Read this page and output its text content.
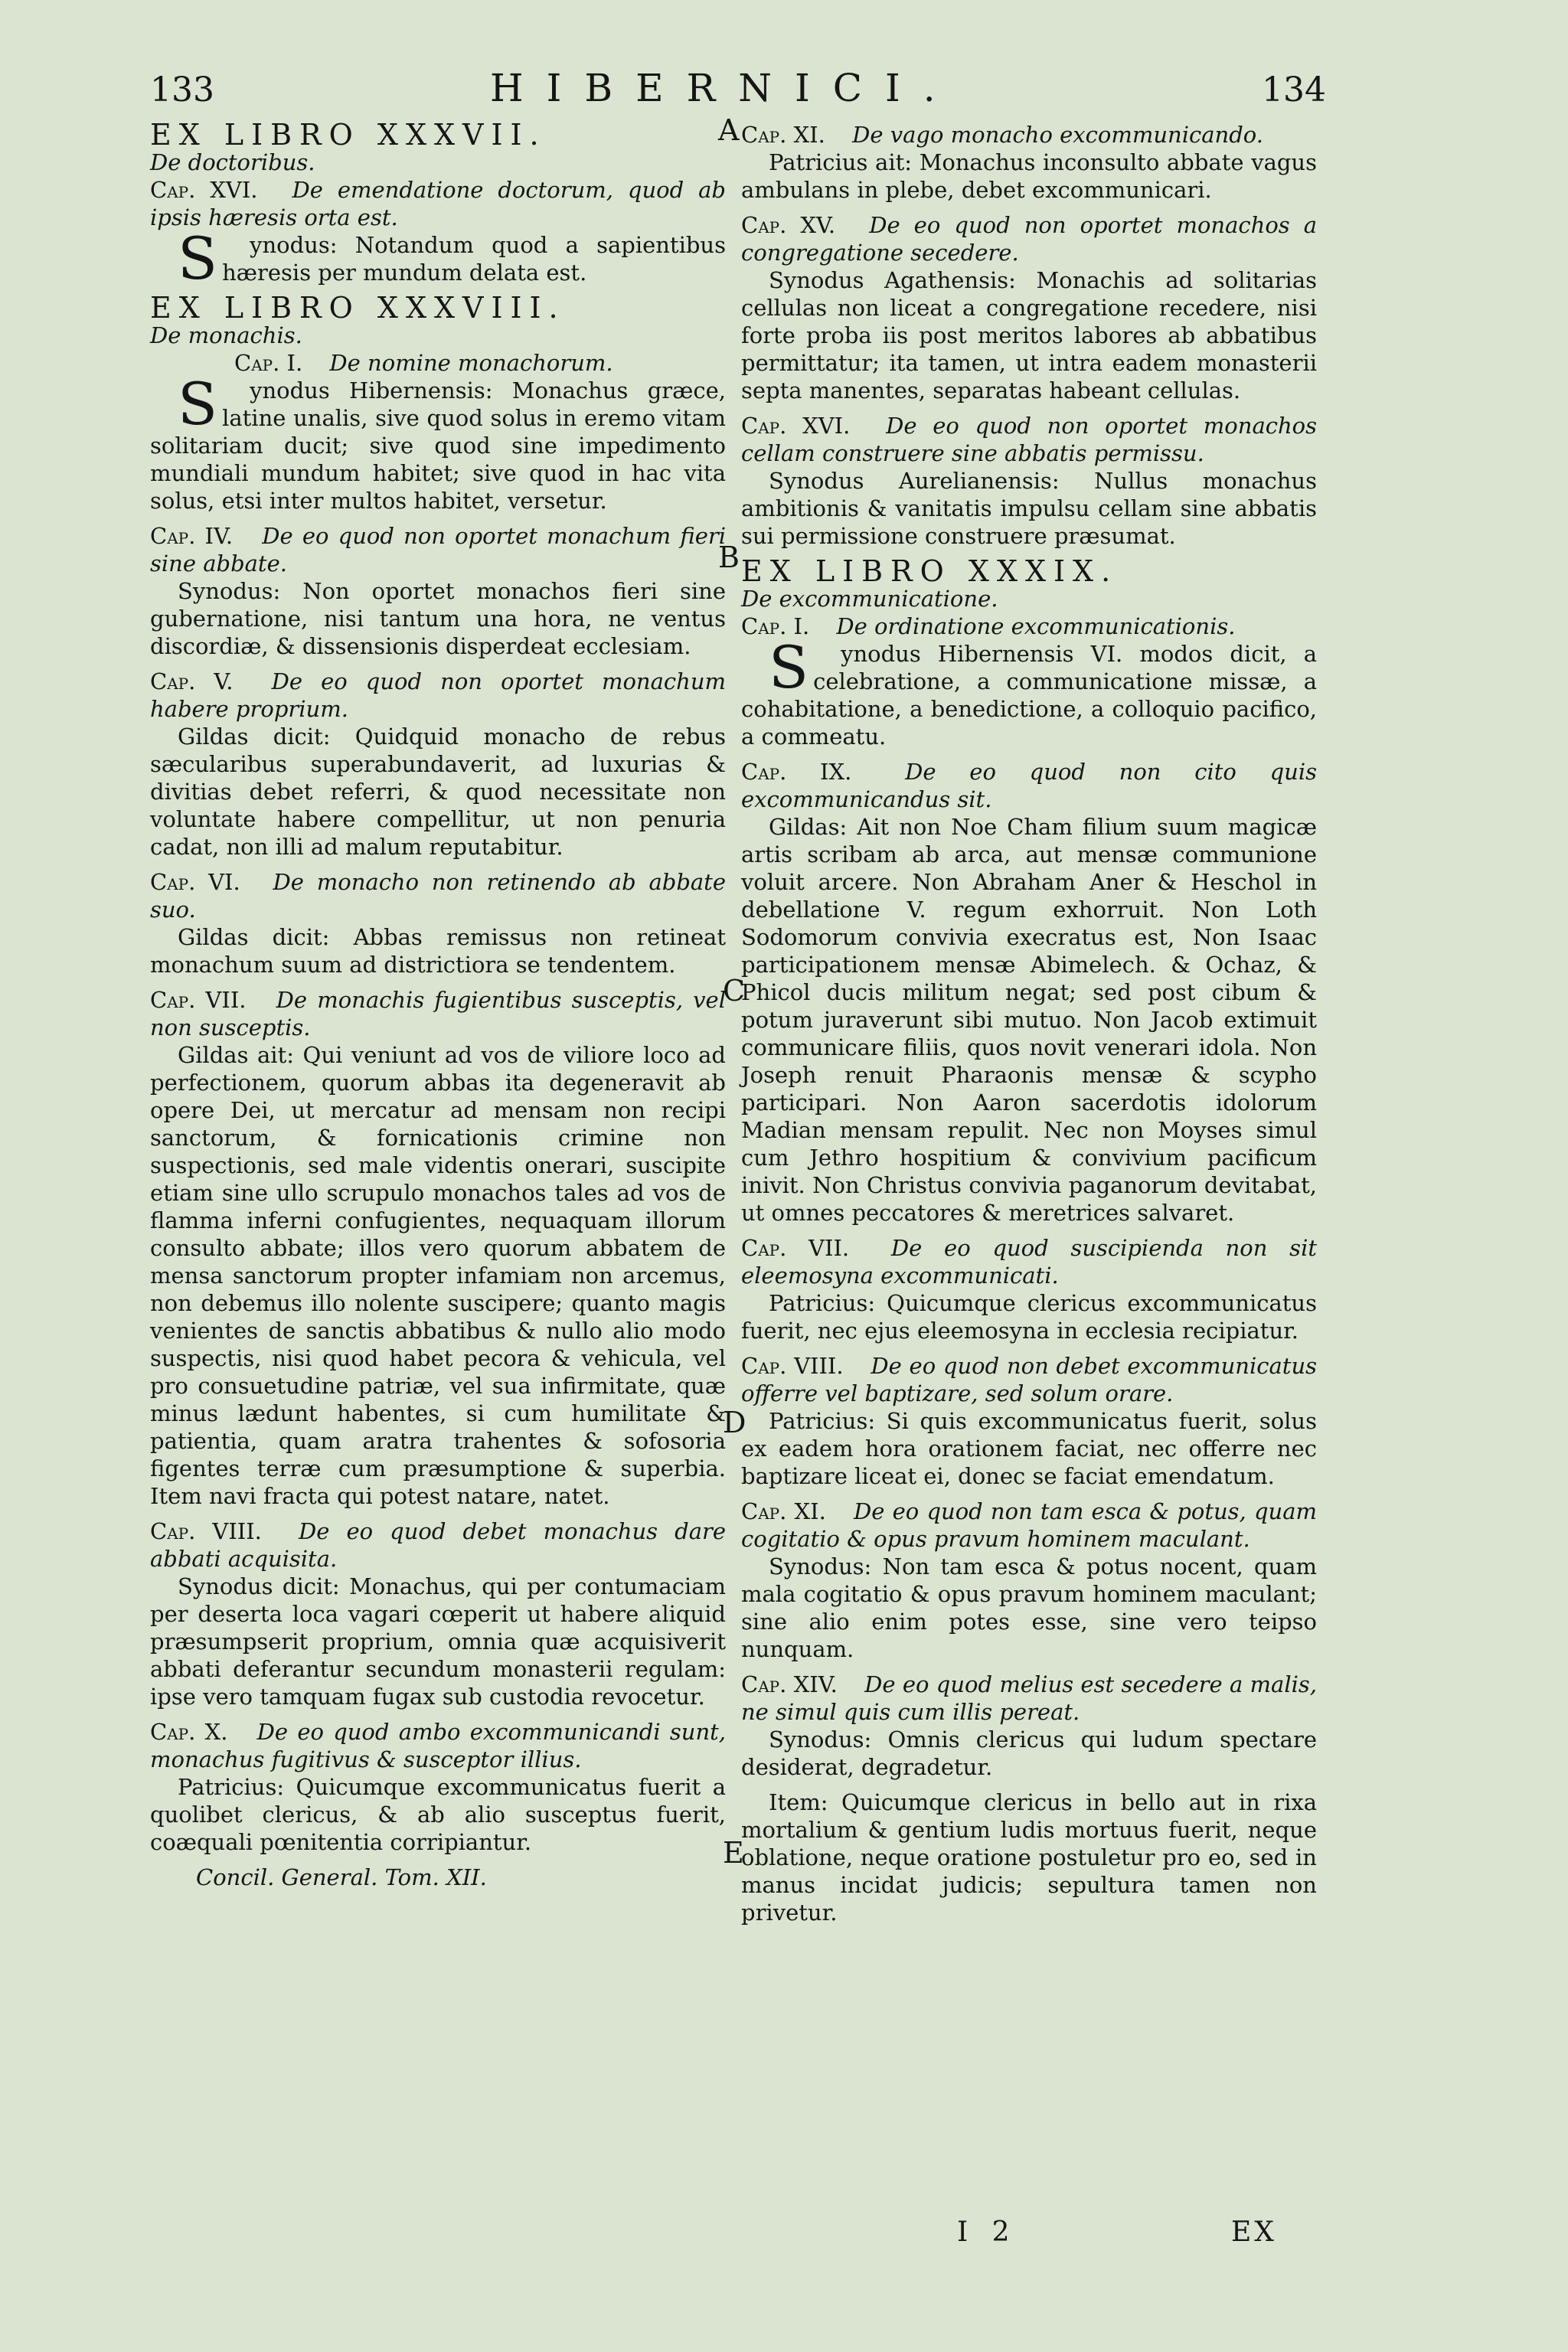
133	HIBERNICI.	134
A
B
C
D
E

EX LIBRO XXXVII.

De doctoribus.

Cap. XVI. De emendatione doctorum, quod ab ipsis hæresis orta est.

Synodus: Notandum quod a sapientibus hæresis per mundum delata est.

EX LIBRO XXXVIII.

De monachis.

Cap. I. De nomine monachorum.

Synodus Hibernensis: Monachus græce, latine unalis, sive quod solus in eremo vitam solitariam ducit; sive quod sine impedimento mundiali mundum habitet; sive quod in hac vita solus, etsi inter multos habitet, versetur.

Cap. IV. De eo quod non oportet monachum fieri sine abbate.

Synodus: Non oportet monachos fieri sine gubernatione, nisi tantum una hora, ne ventus discordiæ, & dissensionis disperdeat ecclesiam.

Cap. V. De eo quod non oportet monachum habere proprium.

Gildas dicit: Quidquid monacho de rebus sæcularibus superabundaverit, ad luxurias & divitias debet referri, & quod necessitate non voluntate habere compellitur, ut non penuria cadat, non illi ad malum reputabitur.

Cap. VI. De monacho non retinendo ab abbate suo.

Gildas dicit: Abbas remissus non retineat monachum suum ad districtiora se tendentem.

Cap. VII. De monachis fugientibus susceptis, vel non susceptis.

Gildas ait: Qui veniunt ad vos de viliore loco ad perfectionem, quorum abbas ita degeneravit ab opere Dei, ut mercatur ad mensam non recipi sanctorum, & fornicationis crimine non suspectionis, sed male videntis onerari, suscipite etiam sine ullo scrupulo monachos tales ad vos de flamma inferni confugientes, nequaquam illorum consulto abbate; illos vero quorum abbatem de mensa sanctorum propter infamiam non arcemus, non debemus illo nolente suscipere; quanto magis venientes de sanctis abbatibus & nullo alio modo suspectis, nisi quod habet pecora & vehicula, vel pro consuetudine patriæ, vel sua infirmitate, quæ minus lædunt habentes, si cum humilitate & patientia, quam aratra trahentes & sofosoria figentes terræ cum præsumptione & superbia. Item navi fracta qui potest natare, natet.

Cap. VIII. De eo quod debet monachus dare abbati acquisita.

Synodus dicit: Monachus, qui per contumaciam per deserta loca vagari cœperit ut habere aliquid præsumpserit proprium, omnia quæ acquisiverit abbati deferantur secundum monasterii regulam: ipse vero tamquam fugax sub custodia revocetur.

Cap. X. De eo quod ambo excommunicandi sunt, monachus fugitivus & susceptor illius.

Patricius: Quicumque excommunicatus fuerit a quolibet clericus, & ab alio susceptus fuerit, coæquali pœnitentia corripiantur.

Concil. General. Tom. XII.

Cap. XI. De vago monacho excommunicando.

Patricius ait: Monachus inconsulto abbate vagus ambulans in plebe, debet excommunicari.

Cap. XV. De eo quod non oportet monachos a congregatione secedere.

Synodus Agathensis: Monachis ad solitarias cellulas non liceat a congregatione recedere, nisi forte proba iis post meritos labores ab abbatibus permittatur; ita tamen, ut intra eadem monasterii septa manentes, separatas habeant cellulas.

Cap. XVI. De eo quod non oportet monachos cellam construere sine abbatis permissu.

Synodus Aurelianensis: Nullus monachus ambitionis & vanitatis impulsu cellam sine abbatis sui permissione construere præsumat.

EX LIBRO XXXIX.

De excommunicatione.

Cap. I. De ordinatione excommunicationis.

Synodus Hibernensis VI. modos dicit, a celebratione, a communicatione missæ, a cohabitatione, a benedictione, a colloquio pacifico, a commeatu.

Cap. IX. De eo quod non cito quis excommunicandus sit.

Gildas: Ait non Noe Cham filium suum magicæ artis scribam ab arca, aut mensæ communione voluit arcere. Non Abraham Aner & Heschol in debellatione V. regum exhorruit. Non Loth Sodomorum convivia execratus est, Non Isaac participationem mensæ Abimelech. & Ochaz, & Phicol ducis militum negat; sed post cibum & potum juraverunt sibi mutuo. Non Jacob extimuit communicare filiis, quos novit venerari idola. Non Joseph renuit Pharaonis mensæ & scypho participari. Non Aaron sacerdotis idolorum Madian mensam repulit. Nec non Moyses simul cum Jethro hospitium & convivium pacificum inivit. Non Christus convivia paganorum devitabat, ut omnes peccatores & meretrices salvaret.

Cap. VII. De eo quod suscipienda non sit eleemosyna excommunicati.

Patricius: Quicumque clericus excommunicatus fuerit, nec ejus eleemosyna in ecclesia recipiatur.

Cap. VIII. De eo quod non debet excommunicatus offerre vel baptizare, sed solum orare.

Patricius: Si quis excommunicatus fuerit, solus ex eadem hora orationem faciat, nec offerre nec baptizare liceat ei, donec se faciat emendatum.

Cap. XI. De eo quod non tam esca & potus, quam cogitatio & opus pravum hominem maculant.

Synodus: Non tam esca & potus nocent, quam mala cogitatio & opus pravum hominem maculant; sine alio enim potes esse, sine vero teipso nunquam.

Cap. XIV. De eo quod melius est secedere a malis, ne simul quis cum illis pereat.

Synodus: Omnis clericus qui ludum spectare desiderat, degradetur.

Item: Quicumque clericus in bello aut in rixa mortalium & gentium ludis mortuus fuerit, neque oblatione, neque oratione postuletur pro eo, sed in manus incidat judicis; sepultura tamen non privetur.

I 2	EX
